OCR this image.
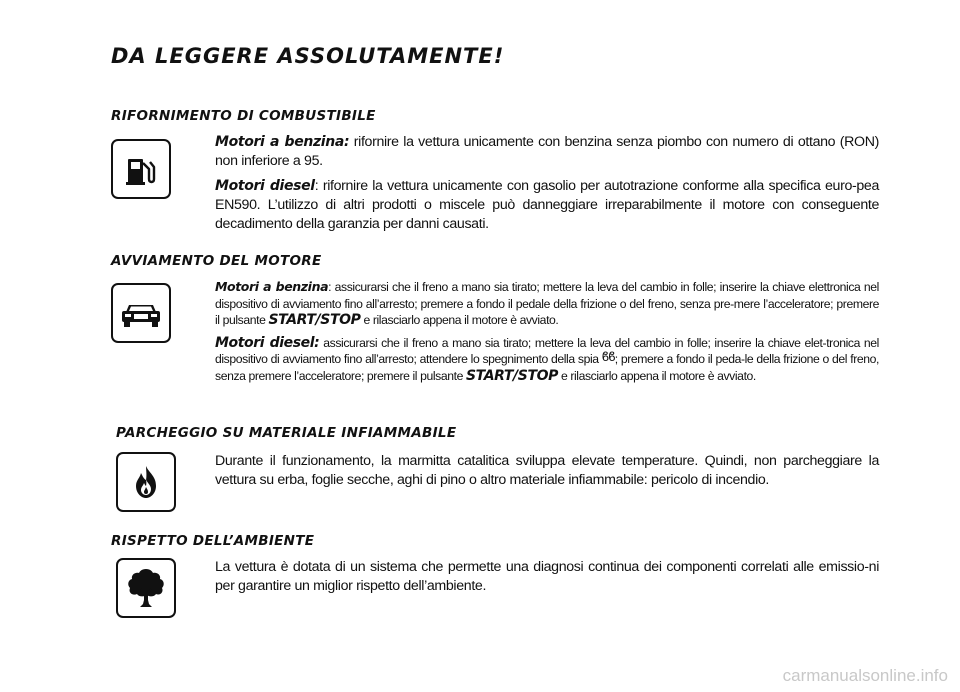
DA LEGGERE ASSOLUTAMENTE!
RIFORNIMENTO DI COMBUSTIBILE

Motori a benzina: rifornire la vettura unicamente con benzina senza piombo con numero di ottano (RON) non inferiore a 95.

Motori diesel: rifornire la vettura unicamente con gasolio per autotrazione conforme alla specifica euro-pea EN590. L’utilizzo di altri prodotti o miscele può danneggiare irreparabilmente il motore con conseguente decadimento della garanzia per danni causati.

AVVIAMENTO DEL MOTORE

Motori a benzina: assicurarsi che il freno a mano sia tirato; mettere la leva del cambio in folle; inserire la chiave elettronica nel dispositivo di avviamento fino all’arresto; premere a fondo il pedale della frizione o del freno, senza pre-mere l’acceleratore; premere il pulsante START/STOP e rilasciarlo appena il motore è avviato.

Motori diesel: assicurarsi che il freno a mano sia tirato; mettere la leva del cambio in folle; inserire la chiave elet-tronica nel dispositivo di avviamento fino all’arresto; attendere lo spegnimento della spia ϐϐ; premere a fondo il peda-le della frizione o del freno, senza premere l’acceleratore; premere il pulsante START/STOP e rilasciarlo appena il motore è avviato.

PARCHEGGIO SU MATERIALE INFIAMMABILE

Durante il funzionamento, la marmitta catalitica sviluppa elevate temperature. Quindi, non parcheggiare la vettura su erba, foglie secche, aghi di pino o altro materiale infiammabile: pericolo di incendio.

RISPETTO DELL’AMBIENTE

La vettura è dotata di un sistema che permette una diagnosi continua dei componenti correlati alle emissio-ni per garantire un miglior rispetto dell’ambiente.

carmanualsonline.info
